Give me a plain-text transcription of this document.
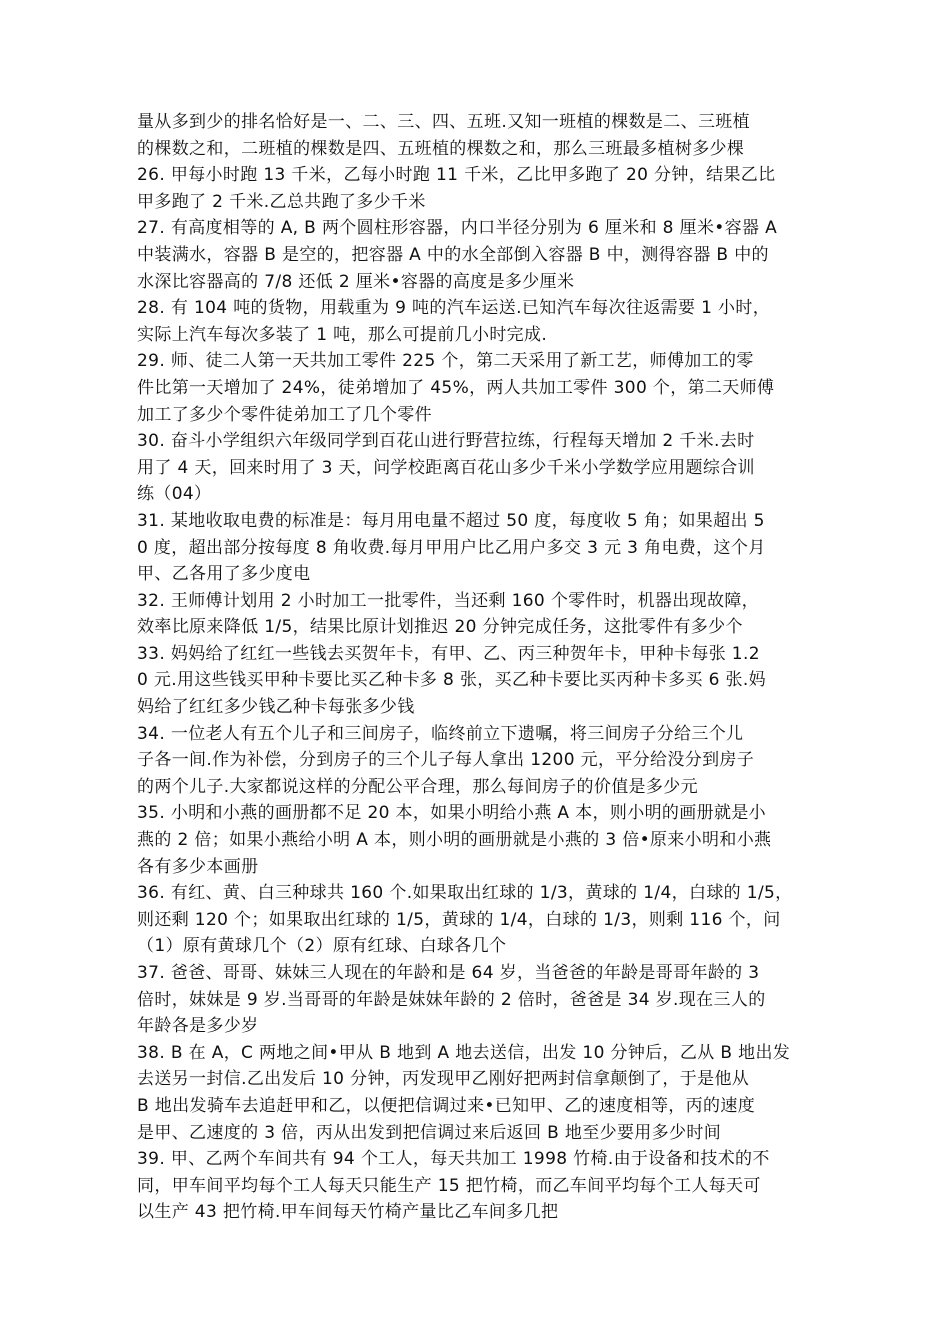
量从多到少的排名恰好是一、二、三、四、五班.又知一班植的棵数是二、三班植
的棵数之和，二班植的棵数是四、五班植的棵数之和，那么三班最多植树多少棵
26. 甲每小时跑 13 千米，乙每小时跑 11 千米，乙比甲多跑了 20 分钟，结果乙比
甲多跑了 2 千米.乙总共跑了多少千米
27. 有高度相等的 A, B 两个圆柱形容器，内口半径分别为 6 厘米和 8 厘米•容器 A
中装满水，容器 B 是空的，把容器 A 中的水全部倒入容器 B 中，测得容器 B 中的
水深比容器高的 7/8 还低 2 厘米•容器的高度是多少厘米
28. 有 104 吨的货物，用载重为 9 吨的汽车运送.已知汽车每次往返需要 1 小时，
实际上汽车每次多装了 1 吨，那么可提前几小时完成.
29. 师、徒二人第一天共加工零件 225 个，第二天采用了新工艺，师傅加工的零
件比第一天增加了 24%，徒弟增加了 45%，两人共加工零件 300 个，第二天师傅
加工了多少个零件徒弟加工了几个零件
30. 奋斗小学组织六年级同学到百花山进行野营拉练，行程每天增加 2 千米.去时
用了 4 天，回来时用了 3 天，问学校距离百花山多少千米小学数学应用题综合训
练（04）
31. 某地收取电费的标准是：每月用电量不超过 50 度，每度收 5 角；如果超出 5
0 度，超出部分按每度 8 角收费.每月甲用户比乙用户多交 3 元 3 角电费，这个月
甲、乙各用了多少度电
32. 王师傅计划用 2 小时加工一批零件，当还剩 160 个零件时，机器出现故障，
效率比原来降低 1/5，结果比原计划推迟 20 分钟完成任务，这批零件有多少个
33. 妈妈给了红红一些钱去买贺年卡，有甲、乙、丙三种贺年卡，甲种卡每张 1.2
0 元.用这些钱买甲种卡要比买乙种卡多 8 张，买乙种卡要比买丙种卡多买 6 张.妈
妈给了红红多少钱乙种卡每张多少钱
34. 一位老人有五个儿子和三间房子，临终前立下遗嘱，将三间房子分给三个儿
子各一间.作为补偿，分到房子的三个儿子每人拿出 1200 元，平分给没分到房子
的两个儿子.大家都说这样的分配公平合理，那么每间房子的价值是多少元
35. 小明和小燕的画册都不足 20 本，如果小明给小燕 A 本，则小明的画册就是小
燕的 2 倍；如果小燕给小明 A 本，则小明的画册就是小燕的 3 倍•原来小明和小燕
各有多少本画册
36. 有红、黄、白三种球共 160 个.如果取出红球的 1/3，黄球的 1/4，白球的 1/5，
则还剩 120 个；如果取出红球的 1/5，黄球的 1/4，白球的 1/3，则剩 116 个，问
（1）原有黄球几个（2）原有红球、白球各几个
37. 爸爸、哥哥、妹妹三人现在的年龄和是 64 岁，当爸爸的年龄是哥哥年龄的 3
倍时，妹妹是 9 岁.当哥哥的年龄是妹妹年龄的 2 倍时，爸爸是 34 岁.现在三人的
年龄各是多少岁
38. B 在 A，C 两地之间•甲从 B 地到 A 地去送信，出发 10 分钟后，乙从 B 地出发
去送另一封信.乙出发后 10 分钟，丙发现甲乙刚好把两封信拿颠倒了，于是他从
B 地出发骑车去追赶甲和乙，以便把信调过来•已知甲、乙的速度相等，丙的速度
是甲、乙速度的 3 倍，丙从出发到把信调过来后返回 B 地至少要用多少时间
39. 甲、乙两个车间共有 94 个工人，每天共加工 1998 竹椅.由于设备和技术的不
同，甲车间平均每个工人每天只能生产 15 把竹椅，而乙车间平均每个工人每天可
以生产 43 把竹椅.甲车间每天竹椅产量比乙车间多几把
